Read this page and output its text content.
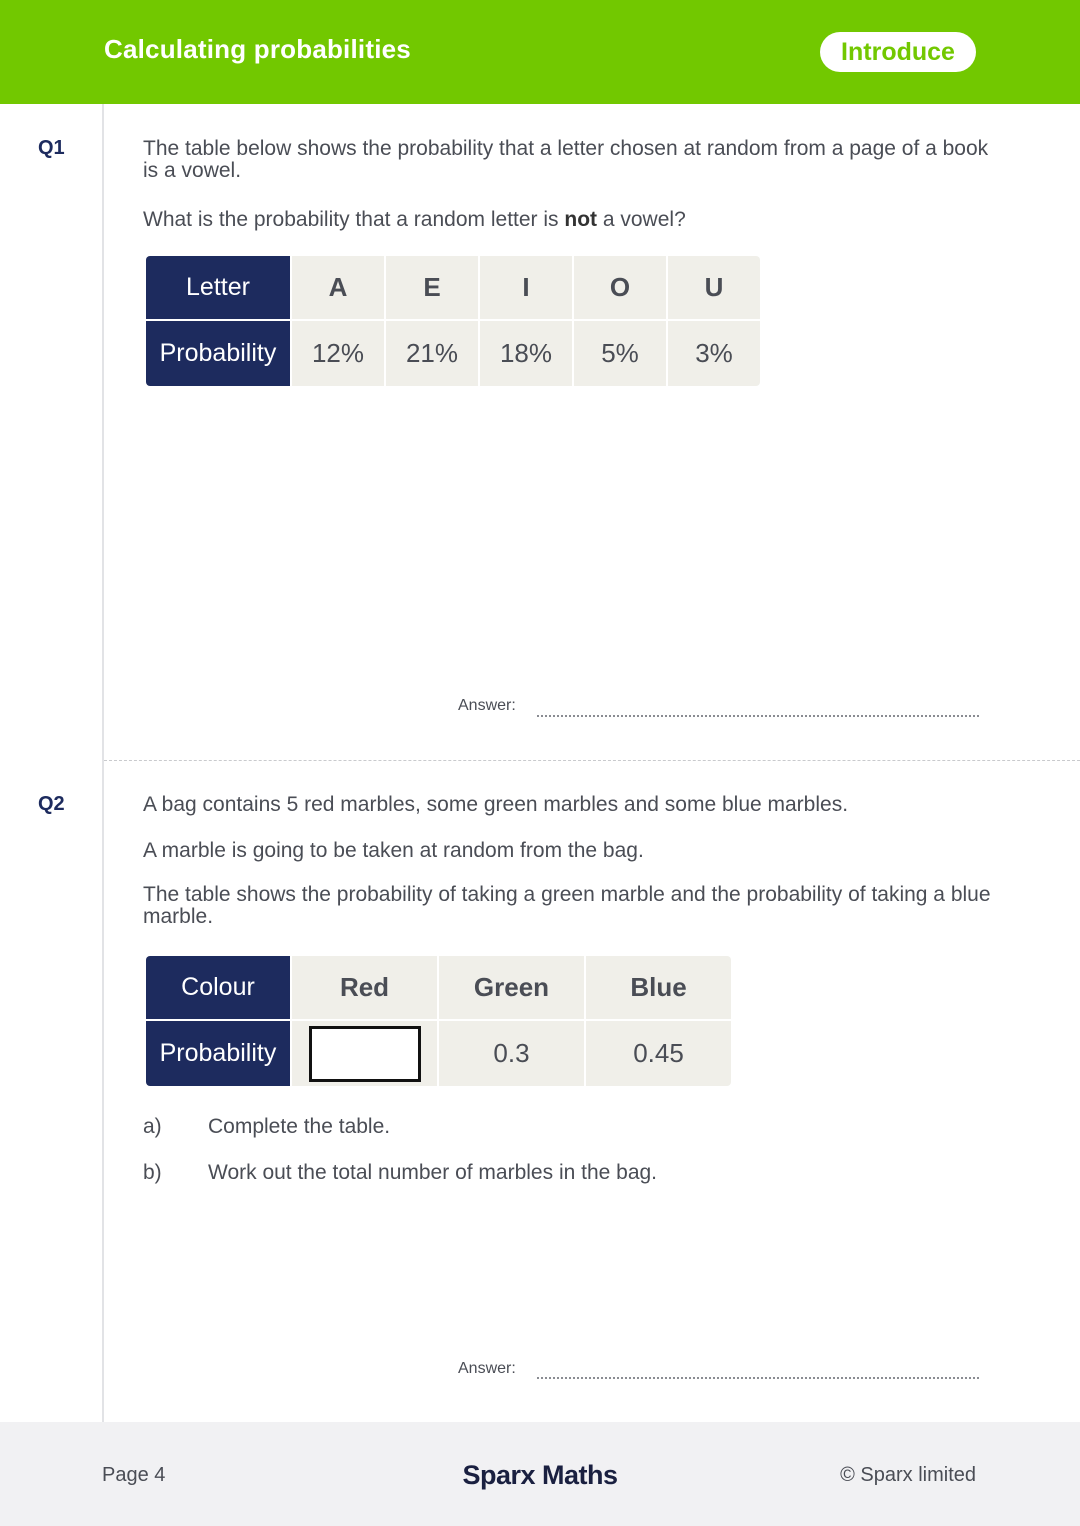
Calculating probabilities	Introduce
Q1	The table below shows the probability that a letter chosen at random from a page of a book is a vowel.
What is the probability that a random letter is not a vowel?
Letter	A	E	I	O	U
Probability	12%	21%	18%	5%	3%
Answer:
Q2	A bag contains 5 red marbles, some green marbles and some blue marbles.
A marble is going to be taken at random from the bag.
The table shows the probability of taking a green marble and the probability of taking a blue marble.
Colour	Red	Green	Blue
Probability		0.3	0.45
a) Complete the table.
b) Work out the total number of marbles in the bag.
Answer:
Page 4	Sparx Maths	© Sparx limited
